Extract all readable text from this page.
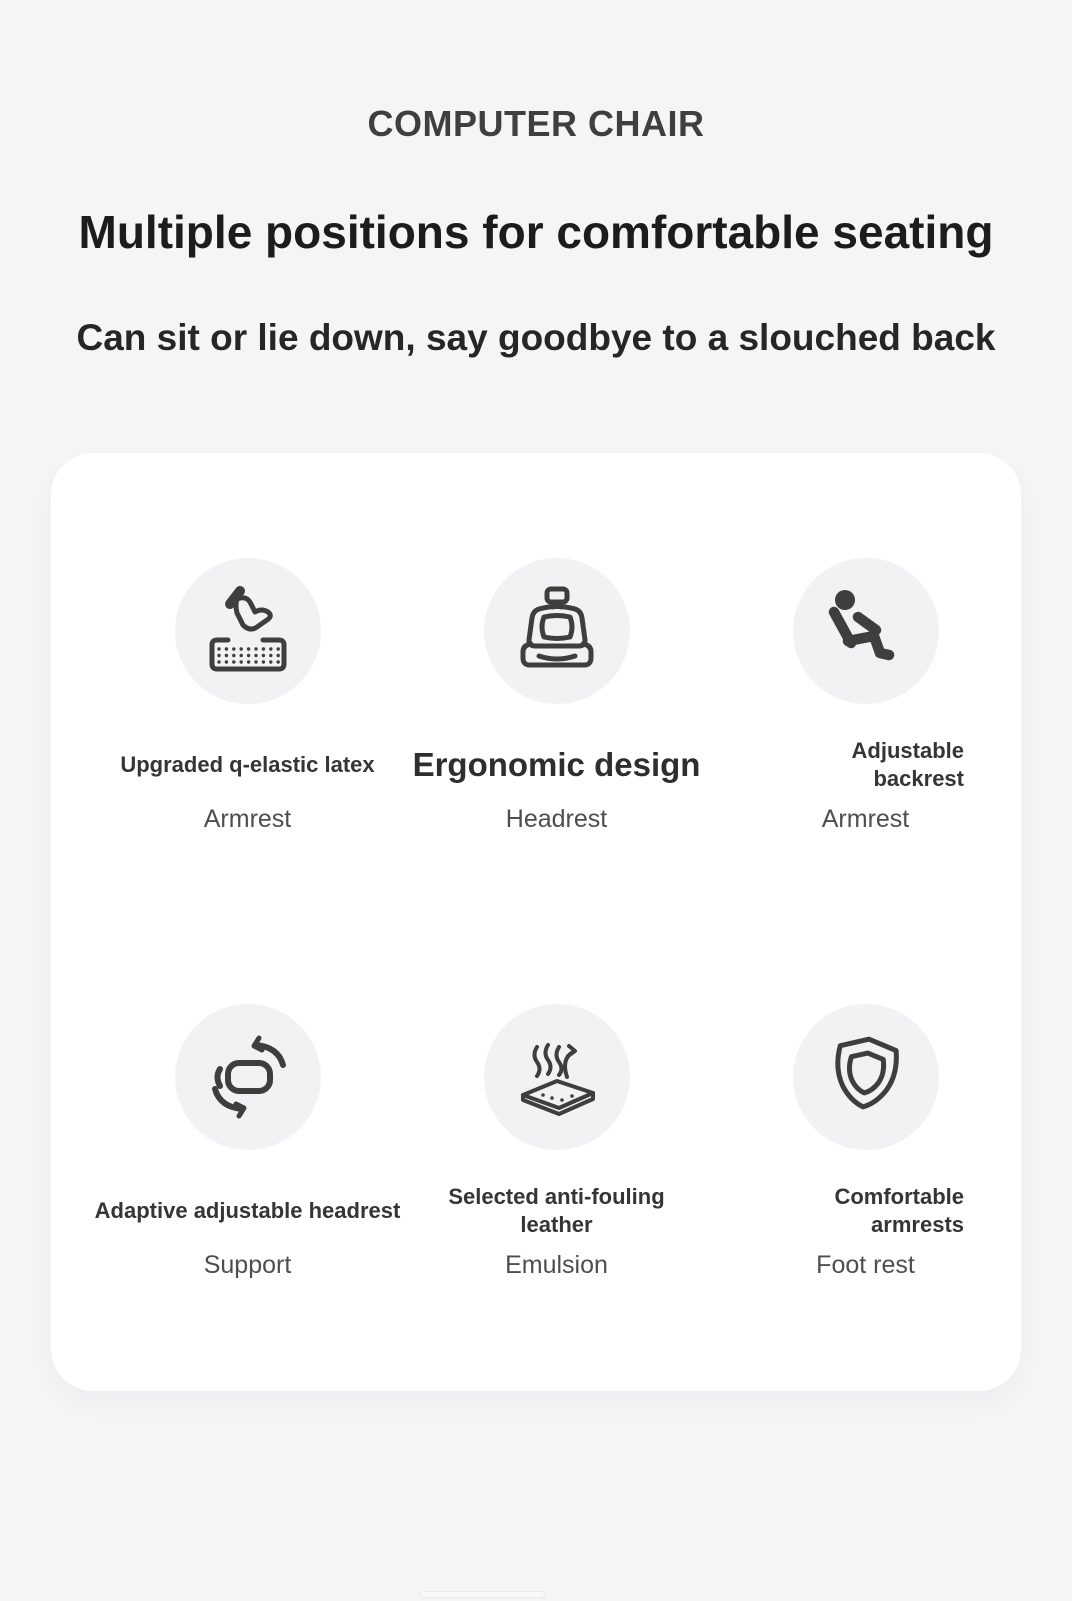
COMPUTER CHAIR
Multiple positions for comfortable seating
Can sit or lie down, say goodbye to a slouched back
Upgraded q-elastic latex
Armrest
Ergonomic design
Headrest
Adjustable backrest
Armrest
Adaptive adjustable headrest
Support
Selected anti-fouling leather
Emulsion
Comfortable armrests
Foot rest
